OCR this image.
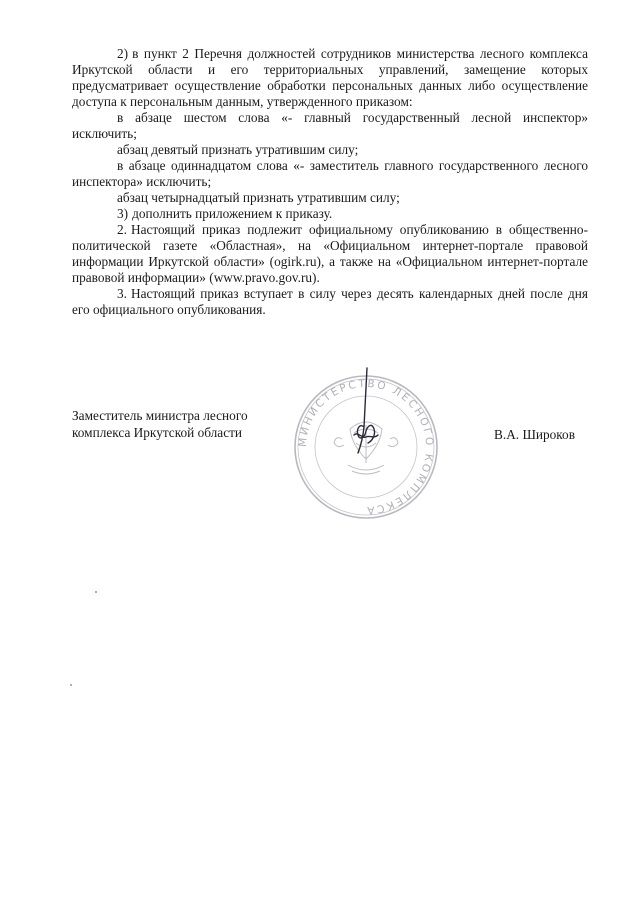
2) в пункт 2 Перечня должностей сотрудников министерства лесного комплекса Иркутской области и его территориальных управлений, замещение которых предусматривает осуществление обработки персональных данных либо осуществление доступа к персональным данным, утвержденного приказом:

в абзаце шестом слова «- главный государственный лесной инспектор» исключить;

абзац девятый признать утратившим силу;

в абзаце одиннадцатом слова «- заместитель главного государственного лесного инспектора» исключить;

абзац четырнадцатый признать утратившим силу;

3) дополнить приложением к приказу.

2. Настоящий приказ подлежит официальному опубликованию в общественно-политической газете «Областная», на «Официальном интернет-портале правовой информации Иркутской области» (ogirk.ru), а также на «Официальном интернет-портале правовой информации» (www.pravo.gov.ru).

3. Настоящий приказ вступает в силу через десять календарных дней после дня его официального опубликования.

Заместитель министра лесного
комплекса Иркутской области	В.А. Широков
МИНИСТЕРСТВО ЛЕСНОГО КОМПЛЕКСА
